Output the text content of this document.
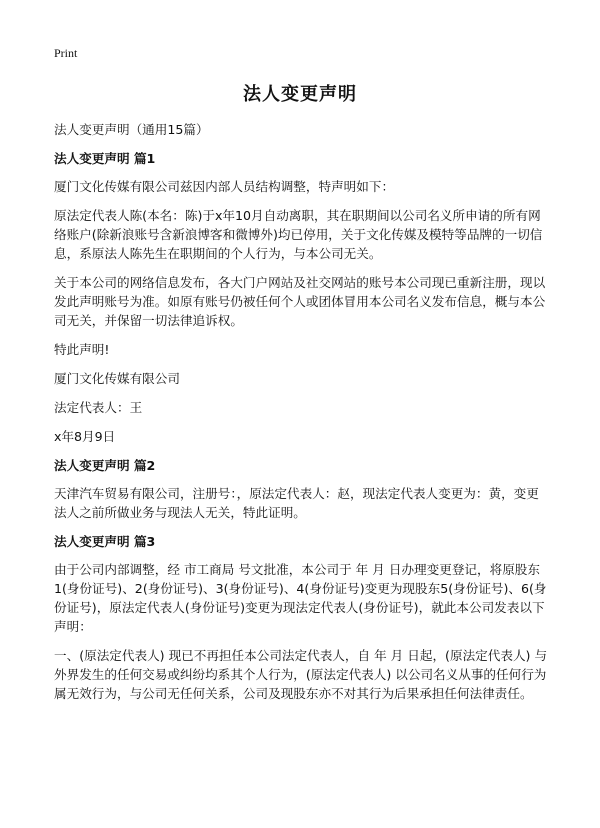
Print
法人变更声明

法人变更声明（通用15篇）

法人变更声明 篇1

厦门文化传媒有限公司兹因内部人员结构调整，特声明如下：

原法定代表人陈(本名：陈)于x年10月自动离职，其在职期间以公司名义所申请的所有网络账户(除新浪账号含新浪博客和微博外)均已停用，关于文化传媒及模特等品牌的一切信息，系原法人陈先生在职期间的个人行为，与本公司无关。

关于本公司的网络信息发布，各大门户网站及社交网站的账号本公司现已重新注册，现以发此声明账号为准。如原有账号仍被任何个人或团体冒用本公司名义发布信息，概与本公司无关，并保留一切法律追诉权。

特此声明!

厦门文化传媒有限公司

法定代表人：王

x年8月9日

法人变更声明 篇2

天津汽车贸易有限公司，注册号：，原法定代表人：赵，现法定代表人变更为：黄，变更法人之前所做业务与现法人无关，特此证明。

法人变更声明 篇3

由于公司内部调整，经 市工商局 号文批准，本公司于 年 月 日办理变更登记，将原股东1(身份证号)、2(身份证号)、3(身份证号)、4(身份证号)变更为现股东5(身份证号)、6(身份证号)，原法定代表人(身份证号)变更为现法定代表人(身份证号)，就此本公司发表以下声明：

一、(原法定代表人) 现已不再担任本公司法定代表人，自 年 月 日起，(原法定代表人) 与外界发生的任何交易或纠纷均系其个人行为，(原法定代表人) 以公司名义从事的任何行为属无效行为，与公司无任何关系，公司及现股东亦不对其行为后果承担任何法律责任。
